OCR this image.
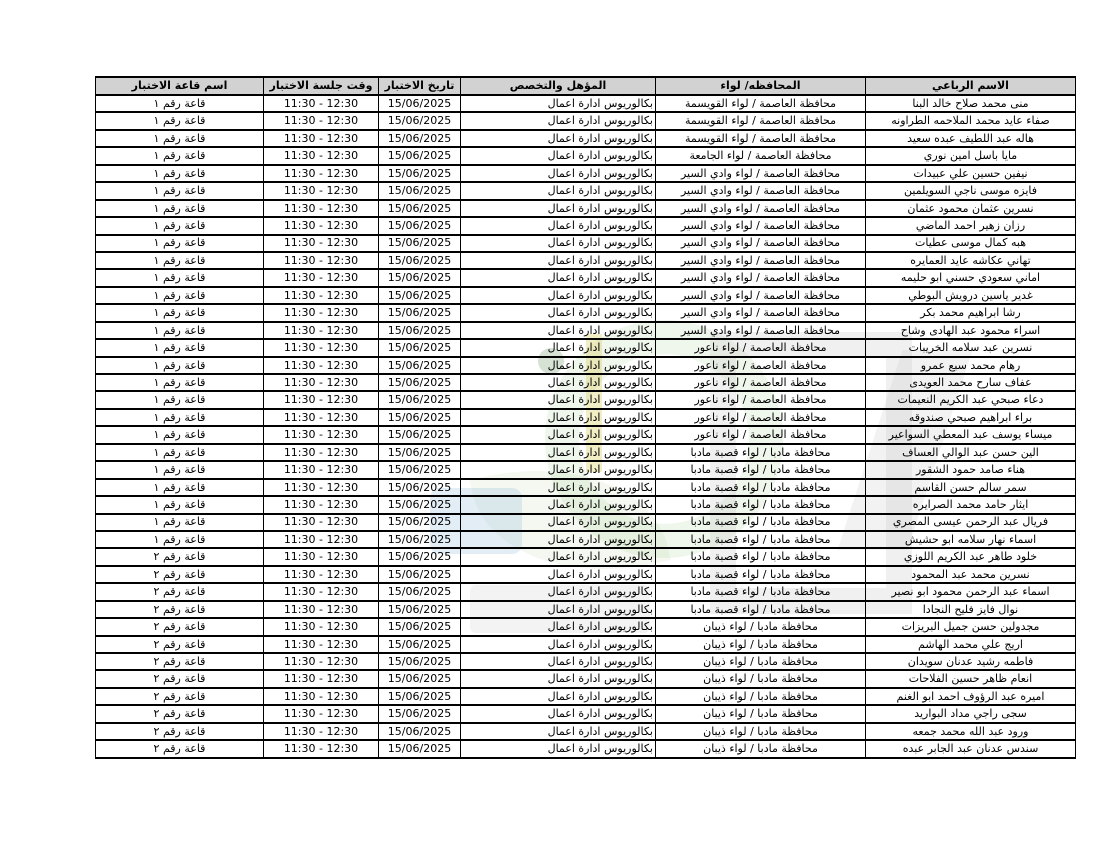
الاسم الرباعي	المحافظه/ لواء	المؤهل والتخصص	تاريخ الاختبار	وقت جلسة الاختبار	اسم قاعة الاختبار
منى محمد صلاح خالد البنا	محافظة العاصمة / لواء القويسمة	بكالوريوس ادارة اعمال	15/06/2025	11:30 - 12:30	قاعة رقم ١
صفاء عايد محمد الملاحمه الطراونه	محافظة العاصمة / لواء القويسمة	بكالوريوس ادارة اعمال	15/06/2025	11:30 - 12:30	قاعة رقم ١
هاله عبد اللطيف عبده سعيد	محافظة العاصمة / لواء القويسمة	بكالوريوس ادارة اعمال	15/06/2025	11:30 - 12:30	قاعة رقم ١
مايا باسل امين نوري	محافظة العاصمة / لواء الجامعة	بكالوريوس ادارة اعمال	15/06/2025	11:30 - 12:30	قاعة رقم ١
نيفين حسين علي عبيدات	محافظة العاصمة / لواء وادي السير	بكالوريوس ادارة اعمال	15/06/2025	11:30 - 12:30	قاعة رقم ١
فايزه موسى ناجي السويلمين	محافظة العاصمة / لواء وادي السير	بكالوريوس ادارة اعمال	15/06/2025	11:30 - 12:30	قاعة رقم ١
نسرين عثمان محمود عثمان	محافظة العاصمة / لواء وادي السير	بكالوريوس ادارة اعمال	15/06/2025	11:30 - 12:30	قاعة رقم ١
رزان زهير احمد الماضي	محافظة العاصمة / لواء وادي السير	بكالوريوس ادارة اعمال	15/06/2025	11:30 - 12:30	قاعة رقم ١
هبه كمال موسى عطيات	محافظة العاصمة / لواء وادي السير	بكالوريوس ادارة اعمال	15/06/2025	11:30 - 12:30	قاعة رقم ١
تهاني عكاشه عايد العمايره	محافظة العاصمة / لواء وادي السير	بكالوريوس ادارة اعمال	15/06/2025	11:30 - 12:30	قاعة رقم ١
اماني سعودي حسني ابو حليمه	محافظة العاصمة / لواء وادي السير	بكالوريوس ادارة اعمال	15/06/2025	11:30 - 12:30	قاعة رقم ١
غدير ياسين درويش البوطي	محافظة العاصمة / لواء وادي السير	بكالوريوس ادارة اعمال	15/06/2025	11:30 - 12:30	قاعة رقم ١
رشا ابراهيم محمد بكر	محافظة العاصمة / لواء وادي السير	بكالوريوس ادارة اعمال	15/06/2025	11:30 - 12:30	قاعة رقم ١
اسراء محمود عبد الهادى وشاح	محافظة العاصمة / لواء وادي السير	بكالوريوس ادارة اعمال	15/06/2025	11:30 - 12:30	قاعة رقم ١
نسرين عبد سلامه الخريبات	محافظة العاصمة / لواء ناعور	بكالوريوس ادارة اعمال	15/06/2025	11:30 - 12:30	قاعة رقم ١
رهام محمد سبع عمرو	محافظة العاصمة / لواء ناعور	بكالوريوس ادارة اعمال	15/06/2025	11:30 - 12:30	قاعة رقم ١
عفاف سارح محمد العويدى	محافظة العاصمة / لواء ناعور	بكالوريوس ادارة اعمال	15/06/2025	11:30 - 12:30	قاعة رقم ١
دعاء صبحي عبد الكريم النعيمات	محافظة العاصمة / لواء ناعور	بكالوريوس ادارة اعمال	15/06/2025	11:30 - 12:30	قاعة رقم ١
براء ابراهيم صبحي صندوقه	محافظة العاصمة / لواء ناعور	بكالوريوس ادارة اعمال	15/06/2025	11:30 - 12:30	قاعة رقم ١
ميساء يوسف عبد المعطي السواعير	محافظة العاصمة / لواء ناعور	بكالوريوس ادارة اعمال	15/06/2025	11:30 - 12:30	قاعة رقم ١
الين حسن عبد الوالي العساف	محافظة مادبا / لواء قصبة مادبا	بكالوريوس ادارة اعمال	15/06/2025	11:30 - 12:30	قاعة رقم ١
هناء صامد حمود الشقور	محافظة مادبا / لواء قصبة مادبا	بكالوريوس ادارة اعمال	15/06/2025	11:30 - 12:30	قاعة رقم ١
سمر سالم حسن القاسم	محافظة مادبا / لواء قصبة مادبا	بكالوريوس ادارة اعمال	15/06/2025	11:30 - 12:30	قاعة رقم ١
ايثار حامد محمد الصرايره	محافظة مادبا / لواء قصبة مادبا	بكالوريوس ادارة اعمال	15/06/2025	11:30 - 12:30	قاعة رقم ١
فريال عبد الرحمن عيسى المصري	محافظة مادبا / لواء قصبة مادبا	بكالوريوس ادارة اعمال	15/06/2025	11:30 - 12:30	قاعة رقم ١
اسماء نهار سلامه ابو حشيش	محافظة مادبا / لواء قصبة مادبا	بكالوريوس ادارة اعمال	15/06/2025	11:30 - 12:30	قاعة رقم ١
خلود طاهر عبد الكريم اللوزي	محافظة مادبا / لواء قصبة مادبا	بكالوريوس ادارة اعمال	15/06/2025	11:30 - 12:30	قاعة رقم ٢
نسرين محمد عبد المحمود	محافظة مادبا / لواء قصبة مادبا	بكالوريوس ادارة اعمال	15/06/2025	11:30 - 12:30	قاعة رقم ٢
اسماء عبد الرحمن محمود ابو نصير	محافظة مادبا / لواء قصبة مادبا	بكالوريوس ادارة اعمال	15/06/2025	11:30 - 12:30	قاعة رقم ٢
نوال فايز فليح النجادا	محافظة مادبا / لواء قصبة مادبا	بكالوريوس ادارة اعمال	15/06/2025	11:30 - 12:30	قاعة رقم ٢
مجدولين حسن جميل البريزات	محافظة مادبا / لواء ذيبان	بكالوريوس ادارة اعمال	15/06/2025	11:30 - 12:30	قاعة رقم ٢
اريج علي محمد الهاشم	محافظة مادبا / لواء ذيبان	بكالوريوس ادارة اعمال	15/06/2025	11:30 - 12:30	قاعة رقم ٢
فاطمه رشيد عدنان سويدان	محافظة مادبا / لواء ذيبان	بكالوريوس ادارة اعمال	15/06/2025	11:30 - 12:30	قاعة رقم ٢
انعام ظاهر حسين الفلاحات	محافظة مادبا / لواء ذيبان	بكالوريوس ادارة اعمال	15/06/2025	11:30 - 12:30	قاعة رقم ٢
اميره عبد الرؤوف احمد ابو الغنم	محافظة مادبا / لواء ذيبان	بكالوريوس ادارة اعمال	15/06/2025	11:30 - 12:30	قاعة رقم ٢
سجى راجي مداد البواريد	محافظة مادبا / لواء ذيبان	بكالوريوس ادارة اعمال	15/06/2025	11:30 - 12:30	قاعة رقم ٢
ورود عبد الله محمد جمعه	محافظة مادبا / لواء ذيبان	بكالوريوس ادارة اعمال	15/06/2025	11:30 - 12:30	قاعة رقم ٢
سندس عدنان عبد الجابر عبده	محافظة مادبا / لواء ذيبان	بكالوريوس ادارة اعمال	15/06/2025	11:30 - 12:30	قاعة رقم ٢
